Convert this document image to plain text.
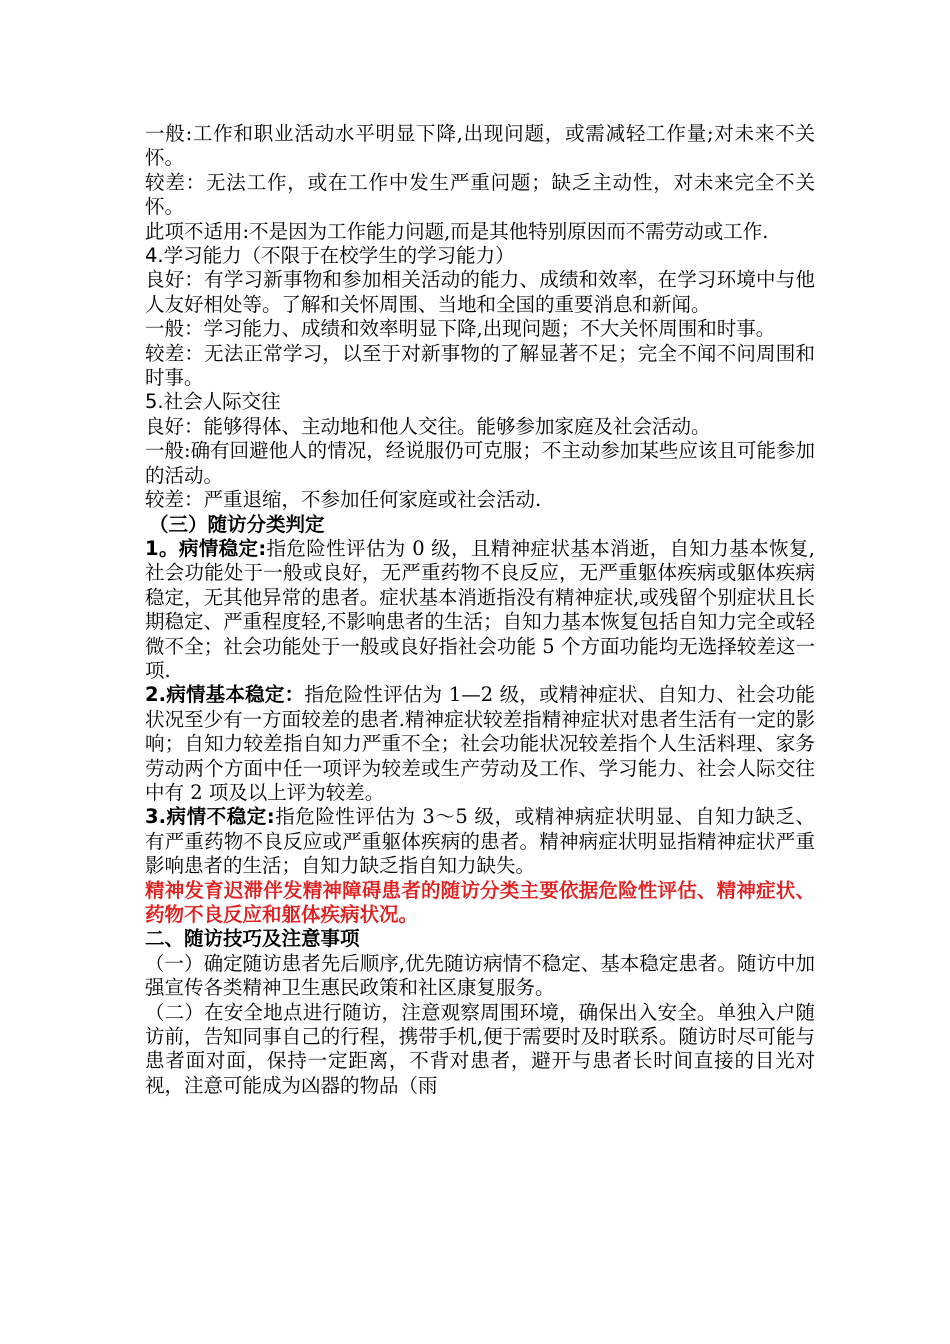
一般:工作和职业活动水平明显下降,出现问题，或需减轻工作量;对未来不关怀。

较差：无法工作，或在工作中发生严重问题；缺乏主动性，对未来完全不关怀。

此项不适用:不是因为工作能力问题,而是其他特别原因而不需劳动或工作.

4.学习能力（不限于在校学生的学习能力）

良好：有学习新事物和参加相关活动的能力、成绩和效率，在学习环境中与他人友好相处等。了解和关怀周围、当地和全国的重要消息和新闻。

一般：学习能力、成绩和效率明显下降,出现问题；不大关怀周围和时事。

较差：无法正常学习，以至于对新事物的了解显著不足；完全不闻不问周围和时事。

5.社会人际交往

良好：能够得体、主动地和他人交往。能够参加家庭及社会活动。

一般:确有回避他人的情况，经说服仍可克服；不主动参加某些应该且可能参加的活动。

较差：严重退缩，不参加任何家庭或社会活动.

（三）随访分类判定

1。病情稳定:指危险性评估为 0 级，且精神症状基本消逝，自知力基本恢复,社会功能处于一般或良好，无严重药物不良反应，无严重躯体疾病或躯体疾病稳定，无其他异常的患者。症状基本消逝指没有精神症状,或残留个别症状且长期稳定、严重程度轻,不影响患者的生活；自知力基本恢复包括自知力完全或轻微不全；社会功能处于一般或良好指社会功能 5 个方面功能均无选择较差这一项.

2.病情基本稳定：指危险性评估为 1—2 级，或精神症状、自知力、社会功能状况至少有一方面较差的患者.精神症状较差指精神症状对患者生活有一定的影响；自知力较差指自知力严重不全；社会功能状况较差指个人生活料理、家务劳动两个方面中任一项评为较差或生产劳动及工作、学习能力、社会人际交往中有 2 项及以上评为较差。

3.病情不稳定:指危险性评估为 3～5 级，或精神病症状明显、自知力缺乏、有严重药物不良反应或严重躯体疾病的患者。精神病症状明显指精神症状严重影响患者的生活；自知力缺乏指自知力缺失。

精神发育迟滞伴发精神障碍患者的随访分类主要依据危险性评估、精神症状、药物不良反应和躯体疾病状况。

二、随访技巧及注意事项

（一）确定随访患者先后顺序,优先随访病情不稳定、基本稳定患者。随访中加强宣传各类精神卫生惠民政策和社区康复服务。

（二）在安全地点进行随访，注意观察周围环境，确保出入安全。单独入户随访前，告知同事自己的行程，携带手机,便于需要时及时联系。随访时尽可能与患者面对面，保持一定距离，不背对患者，避开与患者长时间直接的目光对视，注意可能成为凶器的物品（雨
